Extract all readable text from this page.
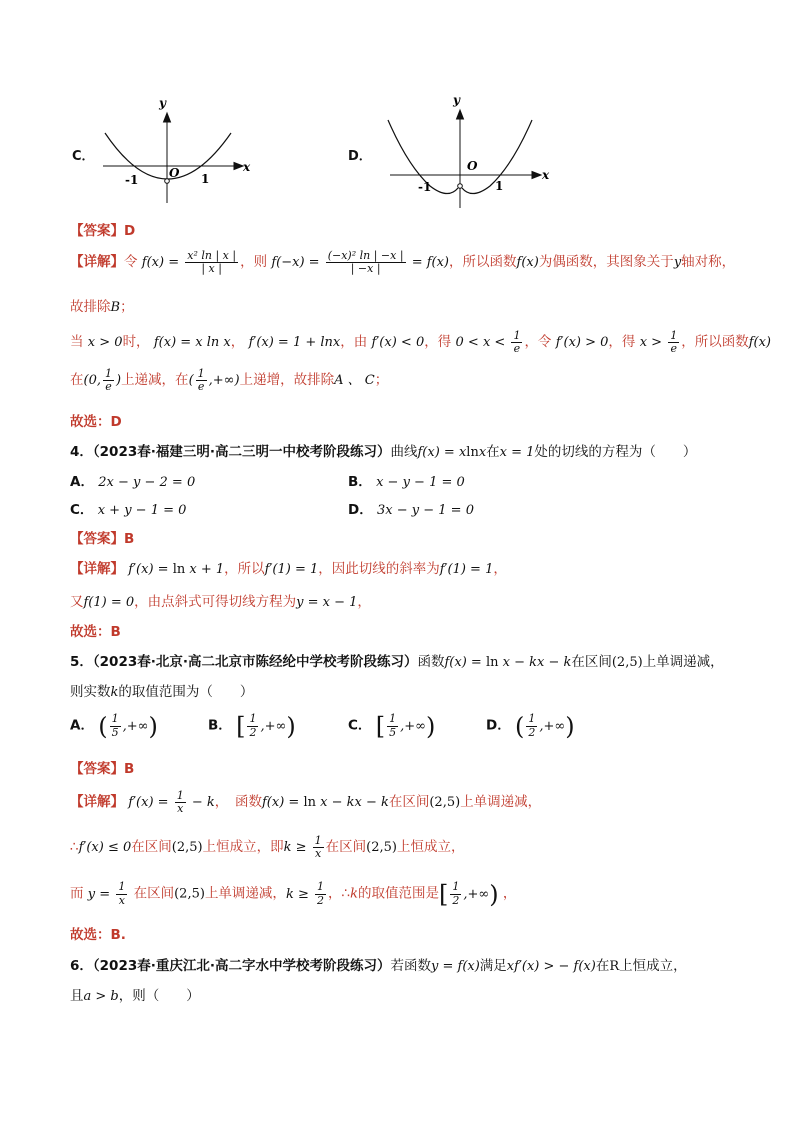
C．
y
x
O
-1	1
D．
y
x
O
-1	1
【答案】D
【详解】令 $f(x) = \frac{\text{x² ln | x |}}{| x |}$ ，则 $f(-x) = \frac{\text{(−x)² ln | −x |}}{| -x |} = f(x)$，所以函数f(x)为偶函数，其图象关于y轴对称，
故排除B；
当 x > 0时， f(x) = x ln x， f′(x) = 1 + lnx，由 f′(x) < 0，得 $0 < x < \frac{1}{e}$ ，令 f′(x) > 0，得 $x > \frac{1}{e}$ ，所以函数f(x)
在(0, $\frac{1}{e}$ )上递减，在( $\frac{1}{e}$ ,+∞)上递增，故排除A 、 C；
故选：D
4．（2023春·福建三明·高二三明一中校考阶段练习）曲线f(x) = xlnx在x = 1处的切线的方程为（　　）
A． 2x − y − 2 = 0	B． x − y − 1 = 0
C． x + y − 1 = 0	D． 3x − y − 1 = 0
【答案】B
【详解】 f′(x) = ln x + 1，所以f′(1) = 1，因此切线的斜率为f′(1) = 1，
又f(1) = 0，由点斜式可得切线方程为y = x − 1，
故选：B
5．（2023春·北京·高二北京市陈经纶中学校考阶段练习）函数f(x) = ln x − kx − k在区间(2,5)上单调递减，
则实数k的取值范围为（　　）
A． ( $\frac{1}{5}$ ,+∞)	B． [ $\frac{1}{2}$ ,+∞)	C． [ $\frac{1}{5}$ ,+∞)	D． ( $\frac{1}{2}$ ,+∞)
【答案】B
【详解】 $f'(x) = \frac{1}{x} - k$，　函数f(x) = ln x − kx − k在区间(2,5)上单调递减，
∴f′(x) ≤ 0在区间(2,5)上恒成立，即$k \ge \frac{1}{x}$ 在区间(2,5)上恒成立，
而 $y = \frac{1}{x}$ 在区间(2,5)上单调递减，$k \ge \frac{1}{2}$ ，∴k的取值范围是[ $\frac{1}{2}$ ,+∞) ，
故选：B.
6．（2023春·重庆江北·高二字水中学校考阶段练习）若函数y = f(x)满足xf′(x) > − f(x)在R上恒成立，
且a > b，则（　　）
